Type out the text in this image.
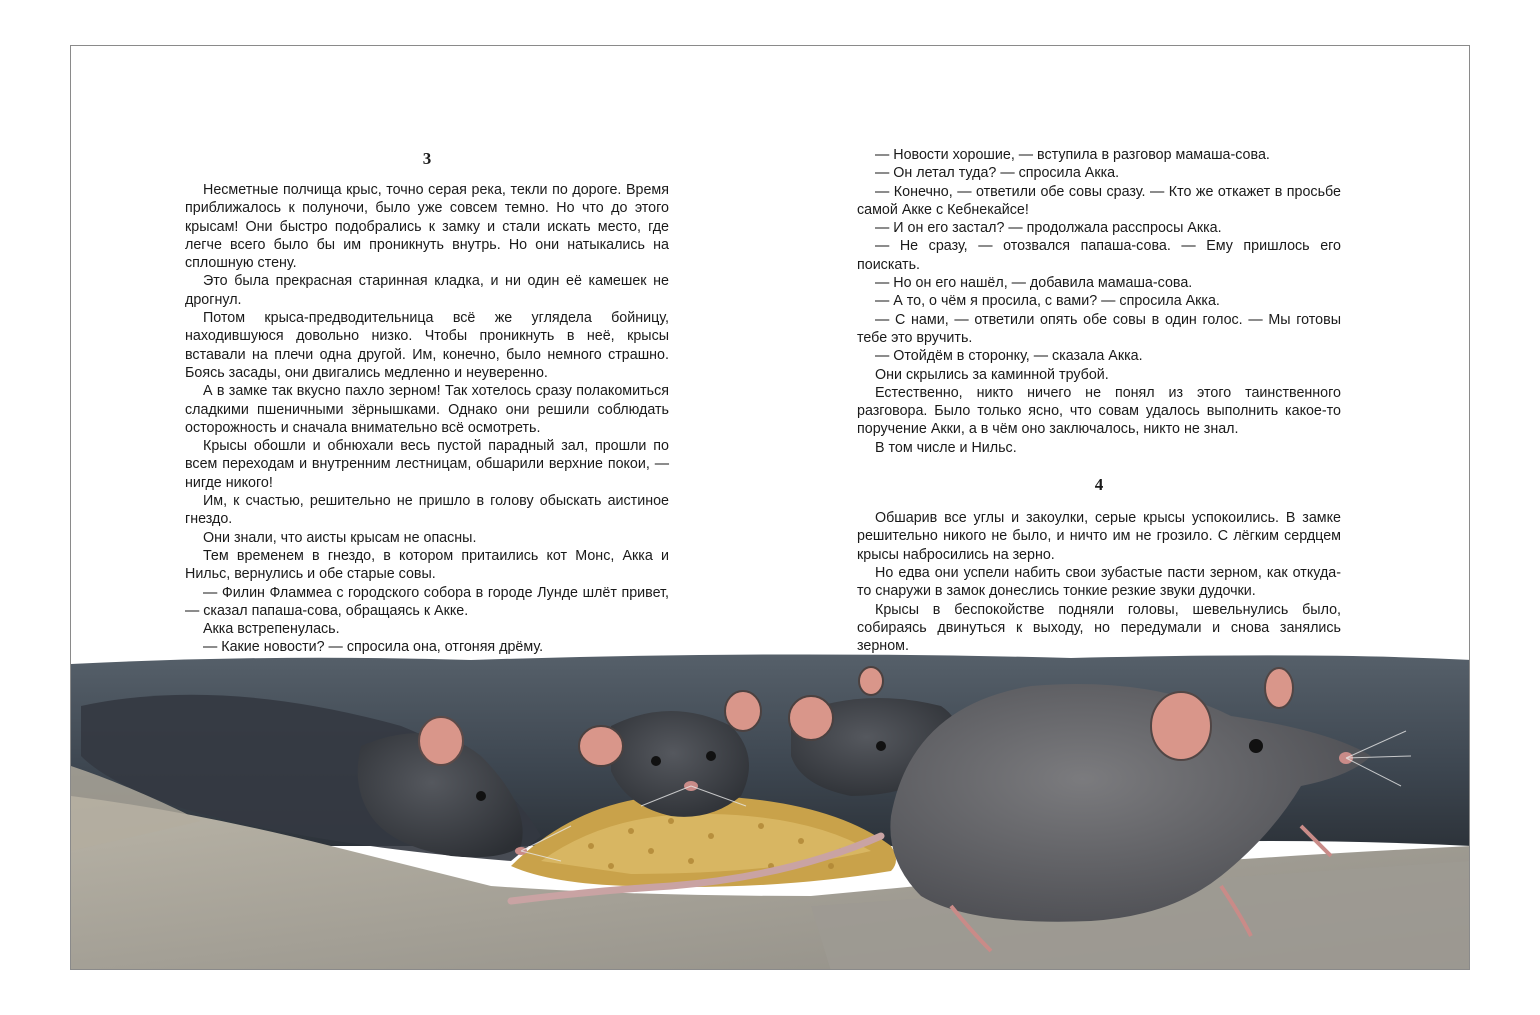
3

Несметные полчища крыс, точно серая река, текли по дороге. Время приближалось к полуночи, было уже совсем темно. Но что до этого крысам! Они быстро подобрались к замку и стали искать место, где легче всего было бы им проникнуть внутрь. Но они натыкались на сплошную стену.

Это была прекрасная старинная кладка, и ни один её камешек не дрогнул.

Потом крыса-предводительница всё же углядела бойницу, находившуюся довольно низко. Чтобы проникнуть в неё, крысы вставали на плечи одна другой. Им, конечно, было немного страшно. Боясь засады, они двигались медленно и неуверенно.

А в замке так вкусно пахло зерном! Так хотелось сразу полакомиться сладкими пшеничными зёрнышками. Однако они решили соблюдать осторожность и сначала внимательно всё осмотреть.

Крысы обошли и обнюхали весь пустой парадный зал, прошли по всем переходам и внутренним лестницам, обшарили верхние покои, — нигде никого!

Им, к счастью, решительно не пришло в голову обыскать аистиное гнездо.

Они знали, что аисты крысам не опасны.

Тем временем в гнездо, в котором притаились кот Монс, Акка и Нильс, вернулись и обе старые совы.

— Филин Фламмеа с городского собора в городе Лунде шлёт привет, — сказал папаша-сова, обращаясь к Акке.

Акка встрепенулась.

— Какие новости? — спросила она, отгоняя дрёму.

— Новости хорошие, — вступила в разговор мамаша-сова.

— Он летал туда? — спросила Акка.

— Конечно, — ответили обе совы сразу. — Кто же откажет в просьбе самой Акке с Кебнекайсе!

— И он его застал? — продолжала расспросы Акка.

— Не сразу, — отозвался папаша-сова. — Ему пришлось его поискать.

— Но он его нашёл, — добавила мамаша-сова.

— А то, о чём я просила, с вами? — спросила Акка.

— С нами, — ответили опять обе совы в один голос. — Мы готовы тебе это вручить.

— Отойдём в сторонку, — сказала Акка.

Они скрылись за каминной трубой.

Естественно, никто ничего не понял из этого таинственного разговора. Было только ясно, что совам удалось выполнить какое-то поручение Акки, а в чём оно заключалось, никто не знал.

В том числе и Нильс.

4

Обшарив все углы и закоулки, серые крысы успокоились. В замке решительно никого не было, и ничто им не грозило. С лёгким сердцем крысы набросились на зерно.

Но едва они успели набить свои зубастые пасти зерном, как откуда-то снаружи в замок донеслись тонкие резкие звуки дудочки.

Крысы в беспокойстве подняли головы, шевельнулись было, собираясь двинуться к выходу, но передумали и снова занялись зерном.
